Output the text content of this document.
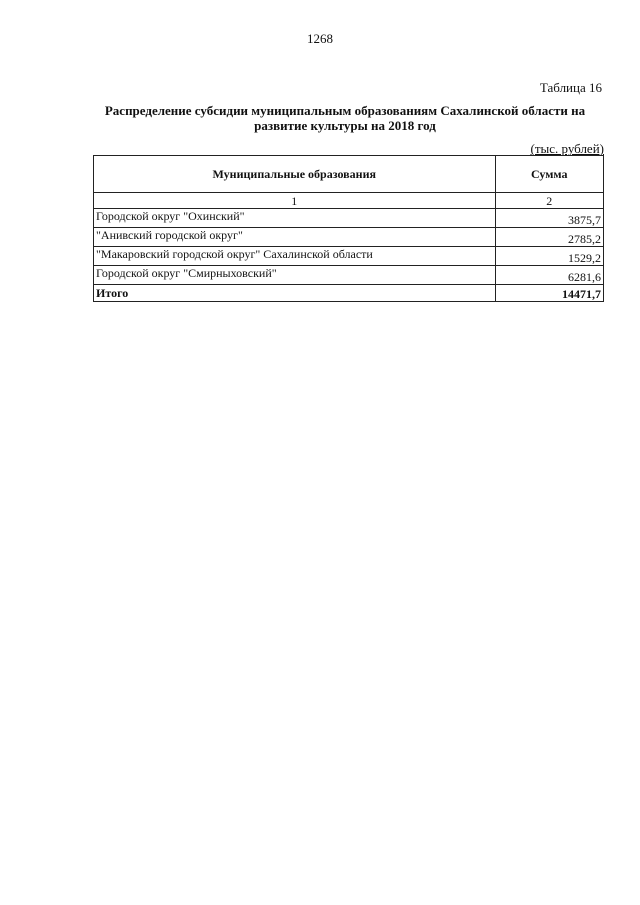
1268
Таблица 16
Распределение субсидии муниципальным образованиям Сахалинской области на
развитие культуры на 2018 год
(тыс. рублей)
Муниципальные образования	Сумма
1	2
Городской округ "Охинский"	3875,7
"Анивский городской округ"	2785,2
"Макаровский городской округ" Сахалинской области	1529,2
Городской округ "Смирныховский"	6281,6
Итого	14471,7
